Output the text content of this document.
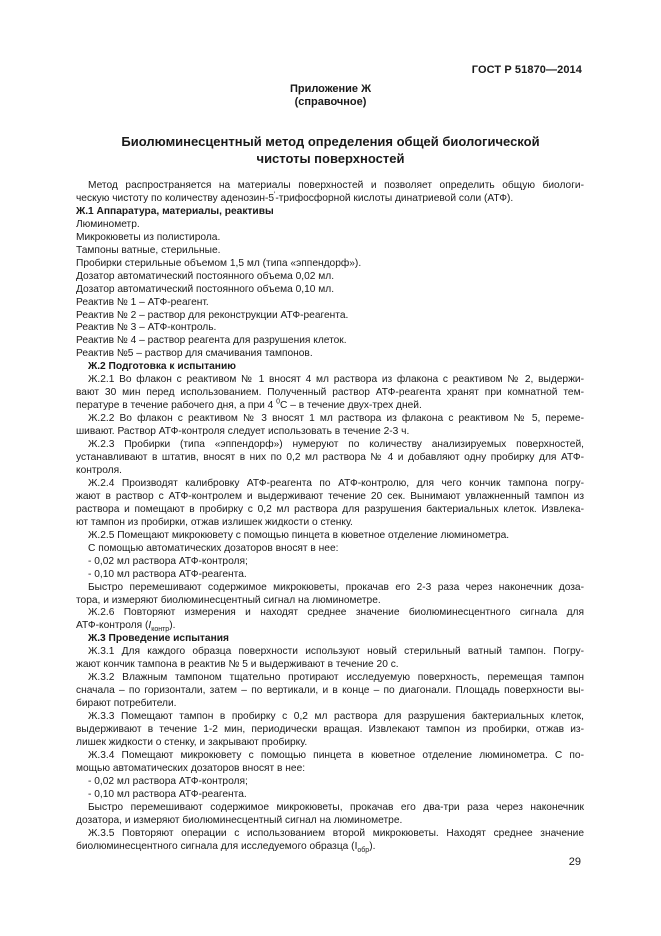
ГОСТ Р 51870—2014
Приложение Ж
(справочное)
Биолюминесцентный метод определения общей биологической
чистоты поверхностей

Метод распространяется на материалы поверхностей и позволяет определить общую биологи-

ческую чистоту по количеству аденозин-5'-трифосфорной кислоты динатриевой соли (АТФ).

Ж.1 Аппаратура, материалы, реактивы

Люминометр.

Микрокюветы из полистирола.

Тампоны ватные, стерильные.

Пробирки стерильные объемом 1,5 мл (типа «эппендорф»).

Дозатор автоматический постоянного объема 0,02 мл.

Дозатор автоматический постоянного объема 0,10 мл.

Реактив № 1 – АТФ-реагент.

Реактив № 2 – раствор для реконструкции АТФ-реагента.

Реактив № 3 – АТФ-контроль.

Реактив № 4 – раствор реагента для разрушения клеток.

Реактив №5 – раствор для смачивания тампонов.

Ж.2 Подготовка к испытанию

Ж.2.1 Во флакон с реактивом № 1 вносят 4 мл раствора из флакона с реактивом № 2, выдержи-

вают 30 мин перед использованием. Полученный раствор АТФ-реагента хранят при комнатной тем-

пературе в течение рабочего дня, а при 4 $^0$С – в течение двух-трех дней.

Ж.2.2 Во флакон с реактивом № 3 вносят 1 мл раствора из флакона с реактивом № 5, переме-

шивают. Раствор АТФ-контроля следует использовать в течение 2-3 ч.

Ж.2.3 Пробирки (типа «эппендорф») нумеруют по количеству анализируемых поверхностей,

устанавливают в штатив, вносят в них по 0,2 мл раствора № 4 и добавляют одну пробирку для АТФ-

контроля.

Ж.2.4 Производят калибровку АТФ-реагента по АТФ-контролю, для чего кончик тампона погру-

жают в раствор с АТФ-контролем и выдерживают течение 20 сек. Вынимают увлажненный тампон из

раствора и помещают в пробирку с 0,2 мл раствора для разрушения бактериальных клеток. Извлека-

ют тампон из пробирки, отжав излишек жидкости о стенку.

Ж.2.5 Помещают микрокювету с помощью пинцета в кюветное отделение люминометра.

С помощью автоматических дозаторов вносят в нее:

- 0,02 мл раствора АТФ-контроля;

- 0,10 мл раствора АТФ-реагента.

Быстро перемешивают содержимое микрокюветы, прокачав его 2-3 раза через наконечник доза-

тора, и измеряют биолюминесцентный сигнал на люминометре.

Ж.2.6 Повторяют измерения и находят среднее значение биолюминесцентного сигнала для

АТФ-контроля $(I_{контр})$.

Ж.3 Проведение испытания

Ж.3.1 Для каждого образца поверхности используют новый стерильный ватный тампон. Погру-

жают кончик тампона в реактив № 5 и выдерживают в течение 20 с.

Ж.3.2 Влажным тампоном тщательно протирают исследуемую поверхность, перемещая тампон

сначала – по горизонтали, затем – по вертикали, и в конце – по диагонали. Площадь поверхности вы-

бирают потребители.

Ж.3.3 Помещают тампон в пробирку с 0,2 мл раствора для разрушения бактериальных клеток,

выдерживают в течение 1-2 мин, периодически вращая. Извлекают тампон из пробирки, отжав из-

лишек жидкости о стенку, и закрывают пробирку.

Ж.3.4 Помещают микрокювету с помощью пинцета в кюветное отделение люминометра. С по-

мощью автоматических дозаторов вносят в нее:

- 0,02 мл раствора АТФ-контроля;

- 0,10 мл раствора АТФ-реагента.

Быстро перемешивают содержимое микрокюветы, прокачав его два-три раза через наконечник

дозатора, и измеряют биолюминесцентный сигнал на люминометре.

Ж.3.5 Повторяют операции с использованием второй микрокюветы. Находят среднее значение

биолюминесцентного сигнала для исследуемого образца $(I_{обр})$.

29
